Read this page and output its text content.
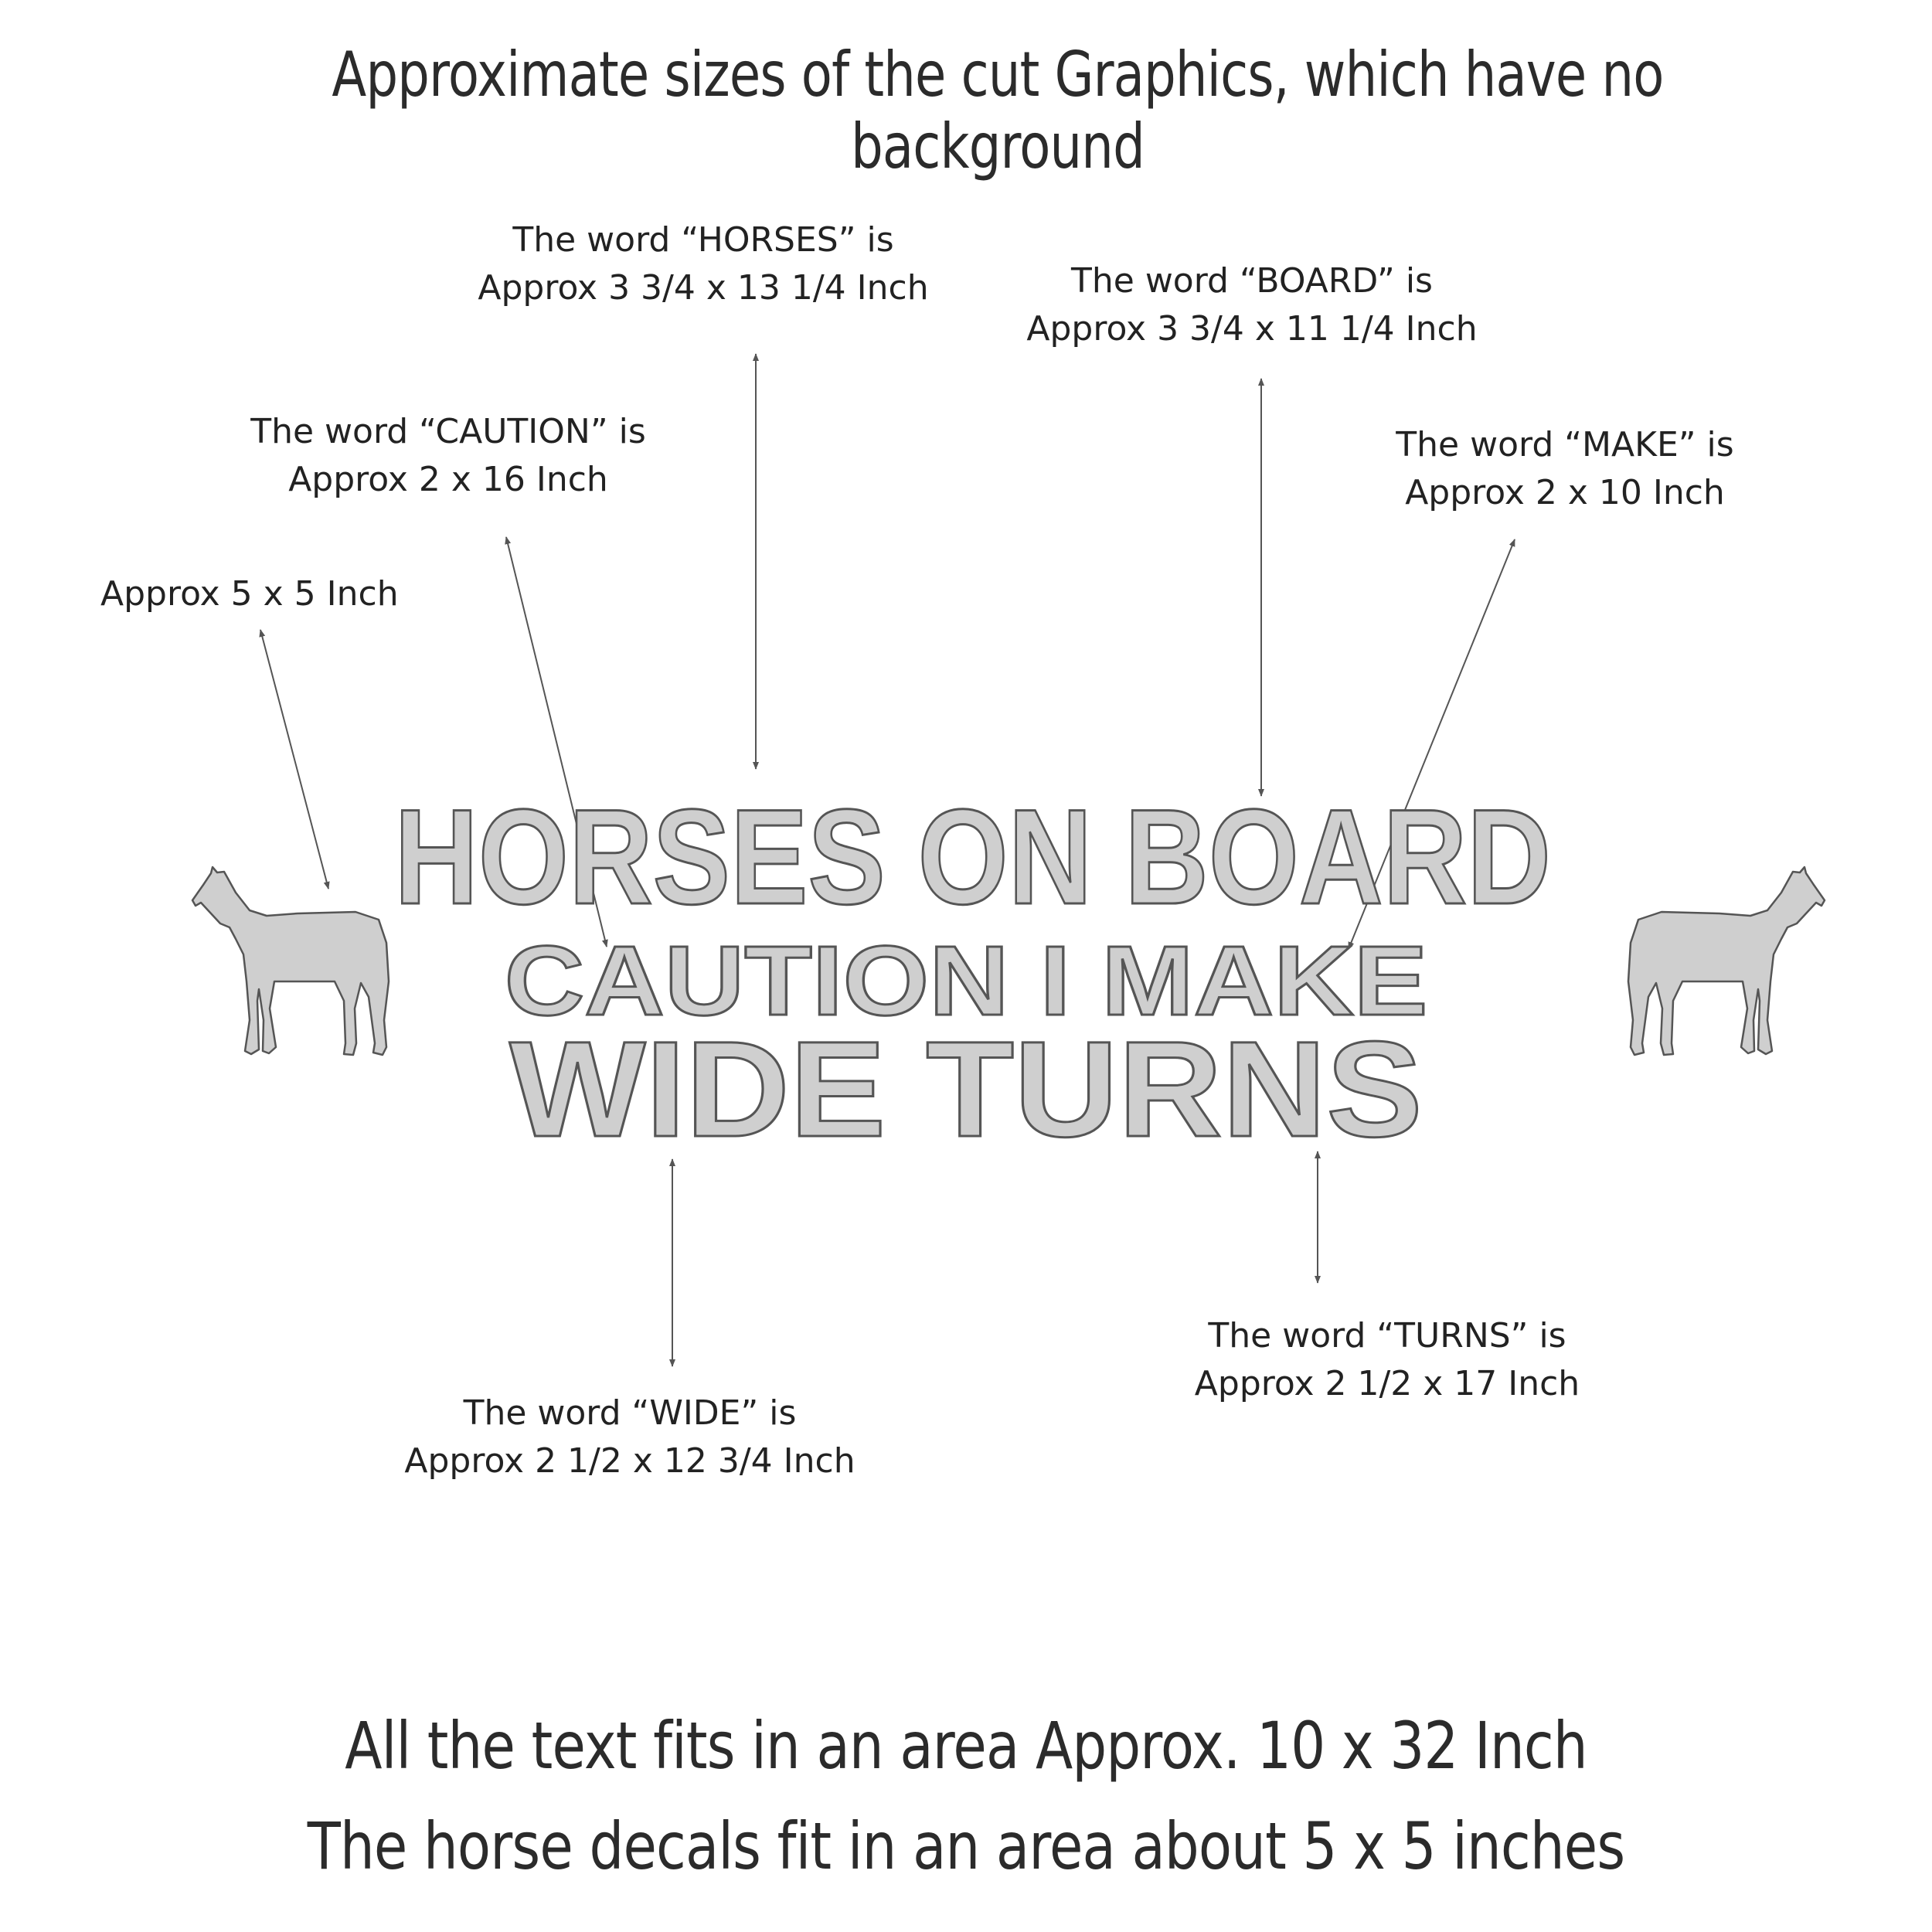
Approximate sizes of the cut Graphics, which have no background
HORSES ON BOARD
CAUTION I MAKE
WIDE TURNS
Approx 5 x 5 Inch
The word “CAUTION” is
Approx 2 x 16 Inch
The word “HORSES” is
Approx 3 3/4 x 13 1/4 Inch	The word “BOARD” is
Approx 3 3/4 x 11 1/4 Inch
The word “MAKE” is
Approx 2 x 10 Inch
The word “WIDE” is
Approx 2 1/2 x 12 3/4 Inch
The word “TURNS” is
Approx 2 1/2 x 17 Inch
All the text fits in an area Approx. 10 x 32 Inch
The horse decals fit in an area about 5 x 5 inches
